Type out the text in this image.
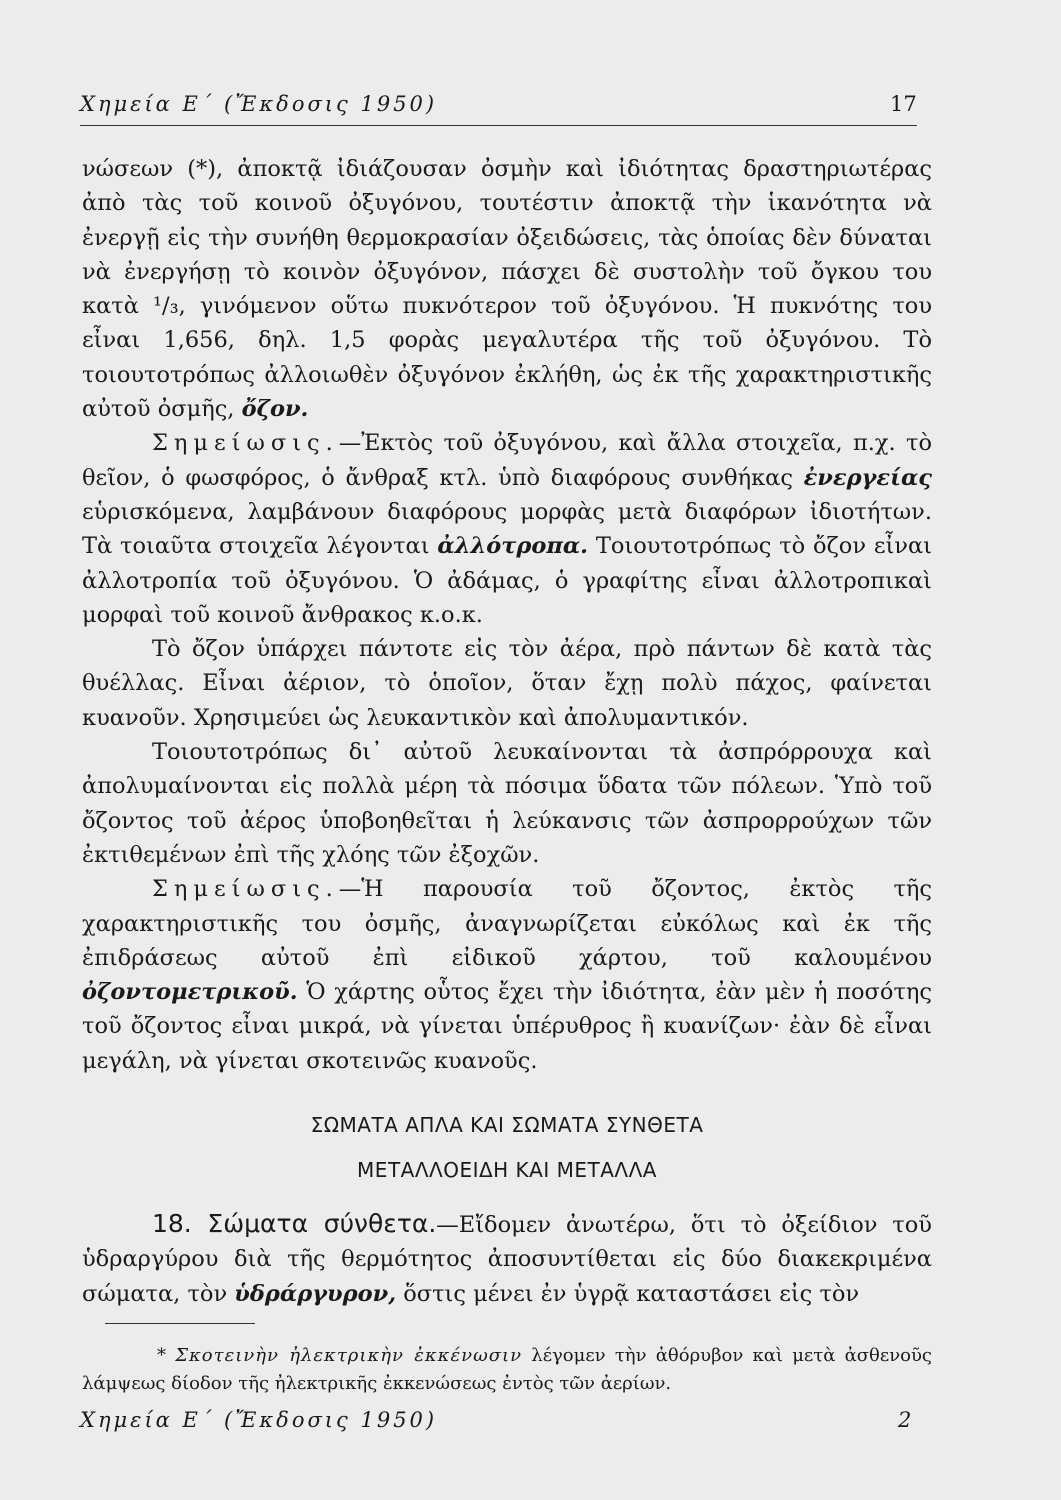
Χημεία Ε΄ (Ἔκδοσις 1950)	17

νώσεων (*), ἀποκτᾷ ἰδιάζουσαν ὀσμὴν καὶ ἰδιότητας δραστηριωτέρας ἀπὸ τὰς τοῦ κοινοῦ ὀξυγόνου, τουτέστιν ἀποκτᾷ τὴν ἱκανότητα νὰ ἐνεργῇ εἰς τὴν συνήθη θερμοκρασίαν ὀξειδώσεις, τὰς ὁποίας δὲν δύναται νὰ ἐνεργήσῃ τὸ κοινὸν ὀξυγόνον, πάσχει δὲ συστολὴν τοῦ ὄγκου του κατὰ ¹/₃, γινόμενον οὕτω πυκνότερον τοῦ ὀξυγόνου. Ἡ πυκνότης του εἶναι 1,656, δηλ. 1,5 φορὰς μεγαλυτέρα τῆς τοῦ ὀξυγόνου. Τὸ τοιουτοτρόπως ἀλλοιωθὲν ὀξυγόνον ἐκλήθη, ὡς ἐκ τῆς χαρακτηριστικῆς αὐτοῦ ὀσμῆς, ὄζον.

Σημείωσις.—Ἐκτὸς τοῦ ὀξυγόνου, καὶ ἄλλα στοιχεῖα, π.χ. τὸ θεῖον, ὁ φωσφόρος, ὁ ἄνθραξ κτλ. ὑπὸ διαφόρους συνθήκας ἐνεργείας εὑρισκόμενα, λαμβάνουν διαφόρους μορφὰς μετὰ διαφόρων ἰδιοτήτων. Τὰ τοιαῦτα στοιχεῖα λέγονται ἀλλότροπα. Τοιουτοτρόπως τὸ ὄζον εἶναι ἀλλοτροπία τοῦ ὀξυγόνου. Ὁ ἀδάμας, ὁ γραφίτης εἶναι ἀλλοτροπικαὶ μορφαὶ τοῦ κοινοῦ ἄνθρακος κ.ο.κ.

Τὸ ὄζον ὑπάρχει πάντοτε εἰς τὸν ἀέρα, πρὸ πάντων δὲ κατὰ τὰς θυέλλας. Εἶναι ἀέριον, τὸ ὁποῖον, ὅταν ἔχῃ πολὺ πάχος, φαίνεται κυανοῦν. Χρησιμεύει ὡς λευκαντικὸν καὶ ἀπολυμαντικόν.

Τοιουτοτρόπως δι᾽ αὐτοῦ λευκαίνονται τὰ ἀσπρόρρουχα καὶ ἀπολυμαίνονται εἰς πολλὰ μέρη τὰ πόσιμα ὕδατα τῶν πόλεων. Ὑπὸ τοῦ ὄζοντος τοῦ ἀέρος ὑποβοηθεῖται ἡ λεύκανσις τῶν ἀσπρορρούχων τῶν ἐκτιθεμένων ἐπὶ τῆς χλόης τῶν ἐξοχῶν.

Σημείωσις.—Ἡ παρουσία τοῦ ὄζοντος, ἐκτὸς τῆς χαρακτηριστικῆς του ὀσμῆς, ἀναγνωρίζεται εὐκόλως καὶ ἐκ τῆς ἐπιδράσεως αὐτοῦ ἐπὶ εἰδικοῦ χάρτου, τοῦ καλουμένου ὀζοντομετρικοῦ. Ὁ χάρτης οὗτος ἔχει τὴν ἰδιότητα, ἐὰν μὲν ἡ ποσότης τοῦ ὄζοντος εἶναι μικρά, νὰ γίνεται ὑπέρυθρος ἢ κυανίζων· ἐὰν δὲ εἶναι μεγάλη, νὰ γίνεται σκοτεινῶς κυανοῦς.

ΣΩΜΑΤΑ ΑΠΛΑ ΚΑΙ ΣΩΜΑΤΑ ΣΥΝΘΕΤΑ
ΜΕΤΑΛΛΟΕΙΔΗ ΚΑΙ ΜΕΤΑΛΛΑ

18. Σώματα σύνθετα.—Εἴδομεν ἀνωτέρω, ὅτι τὸ ὀξείδιον τοῦ ὑδραργύρου διὰ τῆς θερμότητος ἀποσυντίθεται εἰς δύο διακεκριμένα σώματα, τὸν ὑδράργυρον, ὅστις μένει ἐν ὑγρᾷ καταστάσει εἰς τὸν

* Σκοτεινὴν ἠλεκτρικὴν ἐκκένωσιν λέγομεν τὴν ἀθόρυβον καὶ μετὰ ἀσθενοῦς λάμψεως δίοδον τῆς ἠλεκτρικῆς ἐκκενώσεως ἐντὸς τῶν ἀερίων.
Χημεία Ε΄ (Ἔκδοσις 1950)	2
